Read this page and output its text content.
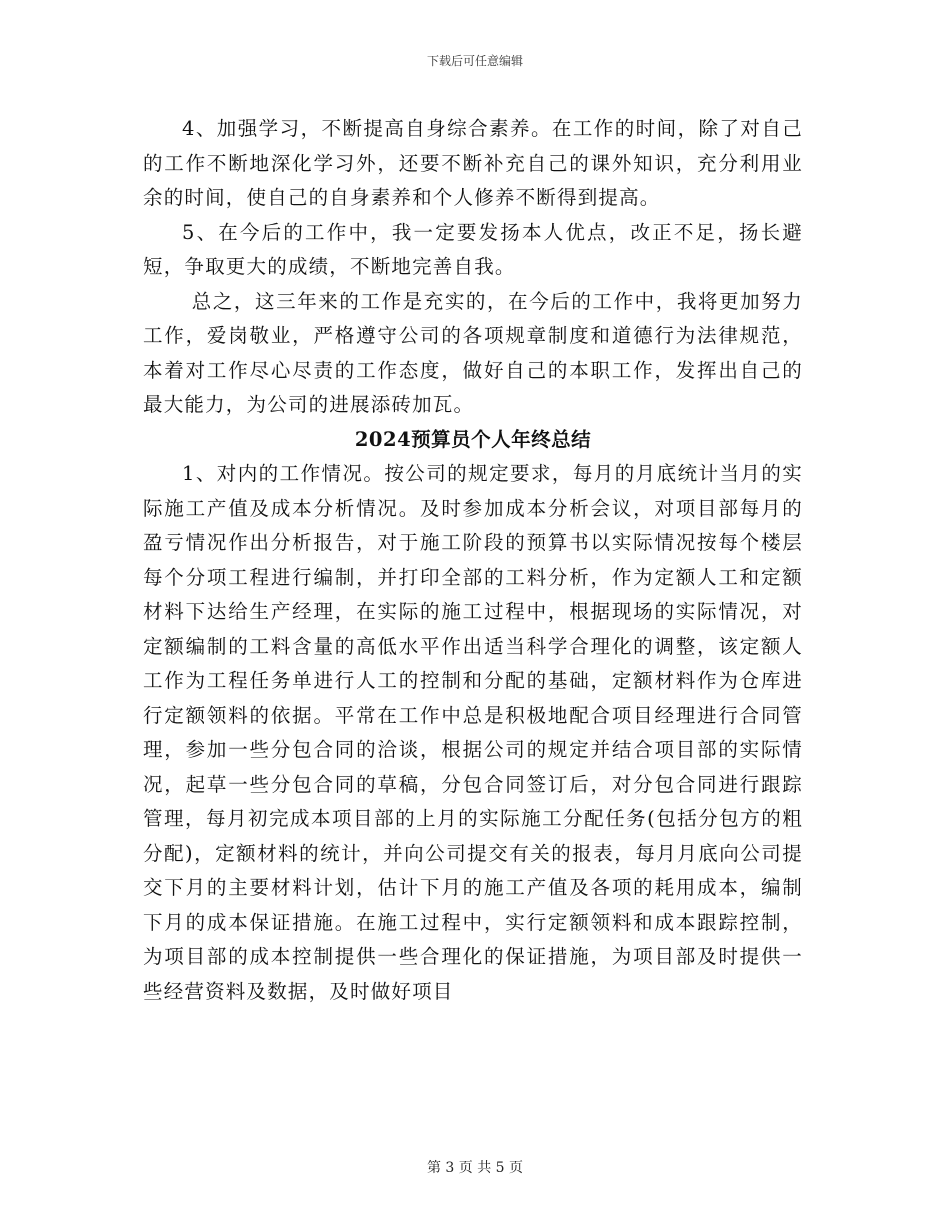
下载后可任意编辑

4、加强学习，不断提高自身综合素养。在工作的时间，除了对自己的工作不断地深化学习外，还要不断补充自己的课外知识，充分利用业余的时间，使自己的自身素养和个人修养不断得到提高。

5、在今后的工作中，我一定要发扬本人优点，改正不足，扬长避短，争取更大的成绩，不断地完善自我。

总之，这三年来的工作是充实的，在今后的工作中，我将更加努力工作，爱岗敬业，严格遵守公司的各项规章制度和道德行为法律规范，本着对工作尽心尽责的工作态度，做好自己的本职工作，发挥出自己的最大能力，为公司的进展添砖加瓦。

2024预算员个人年终总结

1、对内的工作情况。按公司的规定要求，每月的月底统计当月的实际施工产值及成本分析情况。及时参加成本分析会议，对项目部每月的盈亏情况作出分析报告，对于施工阶段的预算书以实际情况按每个楼层每个分项工程进行编制，并打印全部的工料分析，作为定额人工和定额材料下达给生产经理，在实际的施工过程中，根据现场的实际情况，对定额编制的工料含量的高低水平作出适当科学合理化的调整，该定额人工作为工程任务单进行人工的控制和分配的基础，定额材料作为仓库进行定额领料的依据。平常在工作中总是积极地配合项目经理进行合同管理，参加一些分包合同的洽谈，根据公司的规定并结合项目部的实际情况，起草一些分包合同的草稿，分包合同签订后，对分包合同进行跟踪管理，每月初完成本项目部的上月的实际施工分配任务(包括分包方的粗分配)，定额材料的统计，并向公司提交有关的报表，每月月底向公司提交下月的主要材料计划，估计下月的施工产值及各项的耗用成本，编制下月的成本保证措施。在施工过程中，实行定额领料和成本跟踪控制，为项目部的成本控制提供一些合理化的保证措施，为项目部及时提供一些经营资料及数据，及时做好项目

第 3 页 共 5 页
